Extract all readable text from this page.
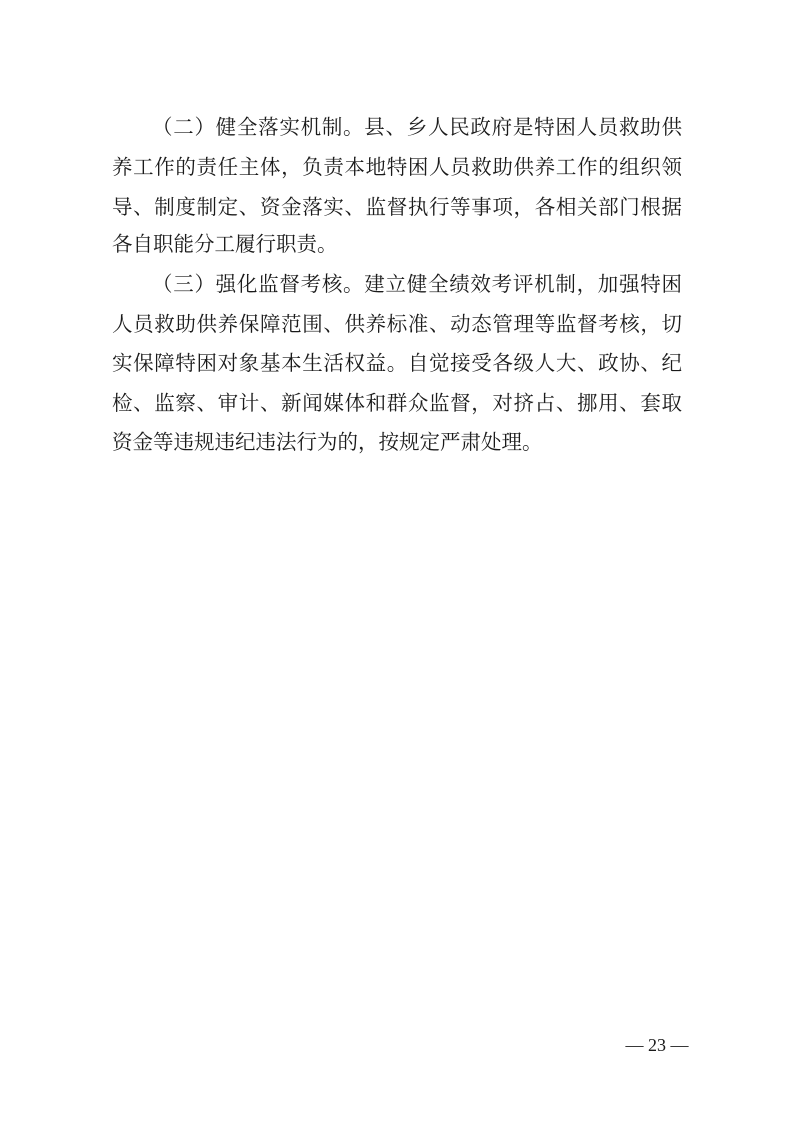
（二）健全落实机制。县、乡人民政府是特困人员救助供
养工作的责任主体，负责本地特困人员救助供养工作的组织领
导、制度制定、资金落实、监督执行等事项，各相关部门根据
各自职能分工履行职责。
（三）强化监督考核。建立健全绩效考评机制，加强特困
人员救助供养保障范围、供养标准、动态管理等监督考核，切
实保障特困对象基本生活权益。自觉接受各级人大、政协、纪
检、监察、审计、新闻媒体和群众监督，对挤占、挪用、套取
资金等违规违纪违法行为的，按规定严肃处理。
— 23 —
